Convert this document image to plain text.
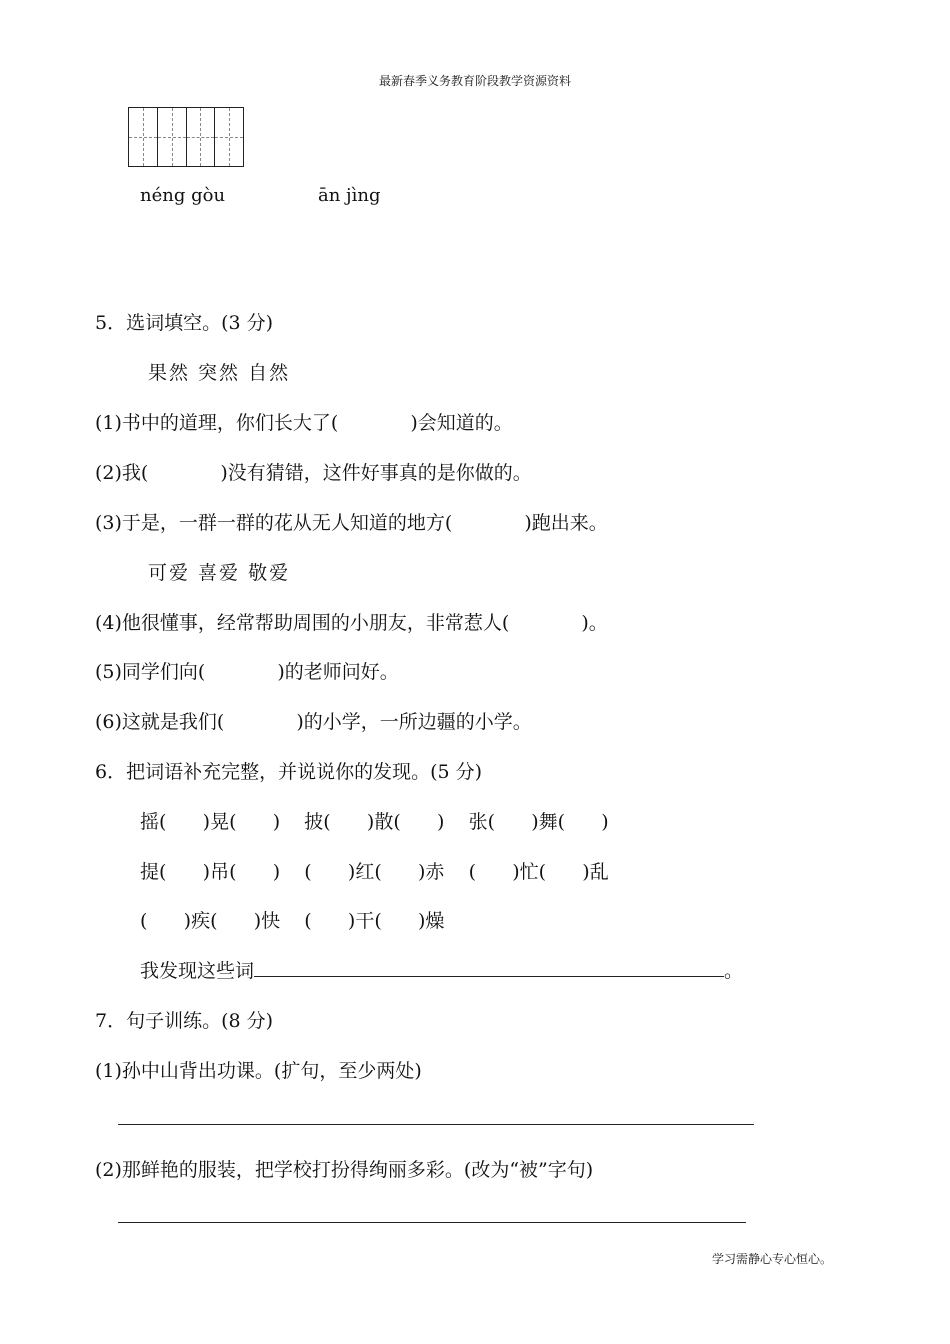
最新春季义务教育阶段教学资源资料
néng gòu	ān jìng
5．选词填空。(3 分)
果然 突然 自然
(1)书中的道理，你们长大了(	)会知道的。
(2)我(	)没有猜错，这件好事真的是你做的。
(3)于是，一群一群的花从无人知道的地方(	)跑出来。
可爱 喜爱 敬爱
(4)他很懂事，经常帮助周围的小朋友，非常惹人(	)。
(5)同学们向(	)的老师问好。
(6)这就是我们(	)的小学，一所边疆的小学。
6．把词语补充完整，并说说你的发现。(5 分)
摇(      )晃(      )    披(      )散(      )    张(      )舞(      )
提(      )吊(      )    (      )红(      )赤    (      )忙(      )乱
(      )疾(      )快    (      )干(      )燥
我发现这些词	。
7．句子训练。(8 分)
(1)孙中山背出功课。(扩句，至少两处)
(2)那鲜艳的服装，把学校打扮得绚丽多彩。(改为“被”字句)
学习需静心专心恒心。
